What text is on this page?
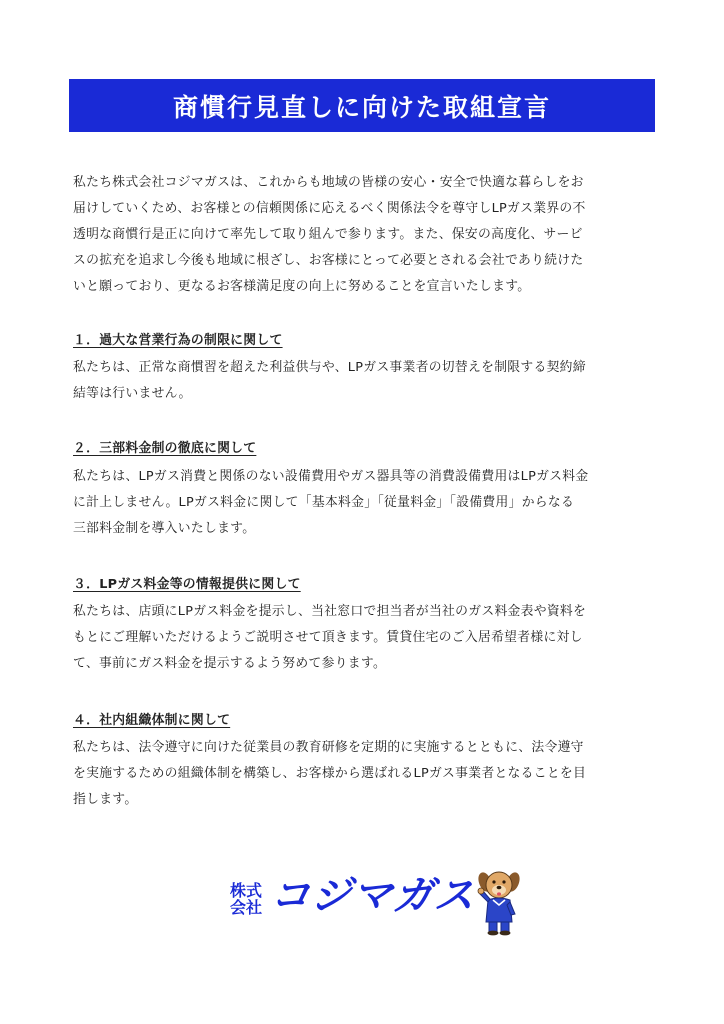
商慣行見直しに向けた取組宣言

私たち株式会社コジマガスは、これからも地域の皆様の安心・安全で快適な暮らしをお
届けしていくため、お客様との信頼関係に応えるべく関係法令を尊守しLPガス業界の不
透明な商慣行是正に向けて率先して取り組んで参ります。また、保安の高度化、サービ
スの拡充を追求し今後も地域に根ざし、お客様にとって必要とされる会社であり続けた
いと願っており、更なるお客様満足度の向上に努めることを宣言いたします。

１．過大な営業行為の制限に関して

私たちは、正常な商慣習を超えた利益供与や、LPガス事業者の切替えを制限する契約締
結等は行いません。

２．三部料金制の徹底に関して

私たちは、LPガス消費と関係のない設備費用やガス器具等の消費設備費用はLPガス料金
に計上しません。LPガス料金に関して「基本料金」「従量料金」「設備費用」からなる
三部料金制を導入いたします。

３．LPガス料金等の情報提供に関して

私たちは、店頭にLPガス料金を提示し、当社窓口で担当者が当社のガス料金表や資料を
もとにご理解いただけるようご説明させて頂きます。賃貸住宅のご入居希望者様に対し
て、事前にガス料金を提示するよう努めて参ります。

４．社内組織体制に関して

私たちは、法令遵守に向けた従業員の教育研修を定期的に実施するとともに、法令遵守
を実施するための組織体制を構築し、お客様から選ばれるLPガス事業者となることを目
指します。

株式
会社 コジマガス
